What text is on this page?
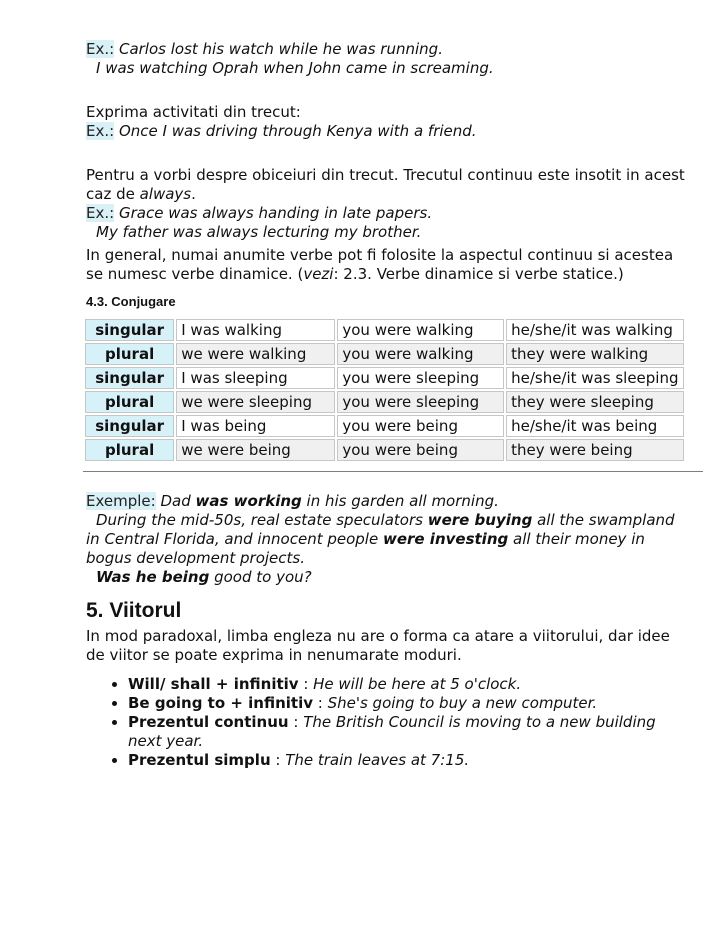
Ex.: Carlos lost his watch while he was running.

I was watching Oprah when John came in screaming.

Exprima activitati din trecut:

Ex.: Once I was driving through Kenya with a friend.

Pentru a vorbi despre obiceiuri din trecut. Trecutul continuu este insotit in acest caz de always.

Ex.: Grace was always handing in late papers.

My father was always lecturing my brother.

In general, numai anumite verbe pot fi folosite la aspectul continuu si acestea se numesc verbe dinamice. (vezi: 2.3. Verbe dinamice si verbe statice.)

4.3. Conjugare
singular	I was walking	you were walking	he/she/it was walking
plural	we were walking	you were walking	they were walking
singular	I was sleeping	you were sleeping	he/she/it was sleeping
plural	we were sleeping	you were sleeping	they were sleeping
singular	I was being	you were being	he/she/it was being
plural	we were being	you were being	they were being

Exemple: Dad was working in his garden all morning.

During the mid-50s, real estate speculators were buying all the swampland in Central Florida, and innocent people were investing all their money in bogus development projects.

Was he being good to you?

5. Viitorul

In mod paradoxal, limba engleza nu are o forma ca atare a viitorului, dar idee de viitor se poate exprima in nenumarate moduri.

• Will/ shall + infinitiv : He will be here at 5 o'clock.
• Be going to + infinitiv : She's going to buy a new computer.
• Prezentul continuu : The British Council is moving to a new building next year.
• Prezentul simplu : The train leaves at 7:15.
